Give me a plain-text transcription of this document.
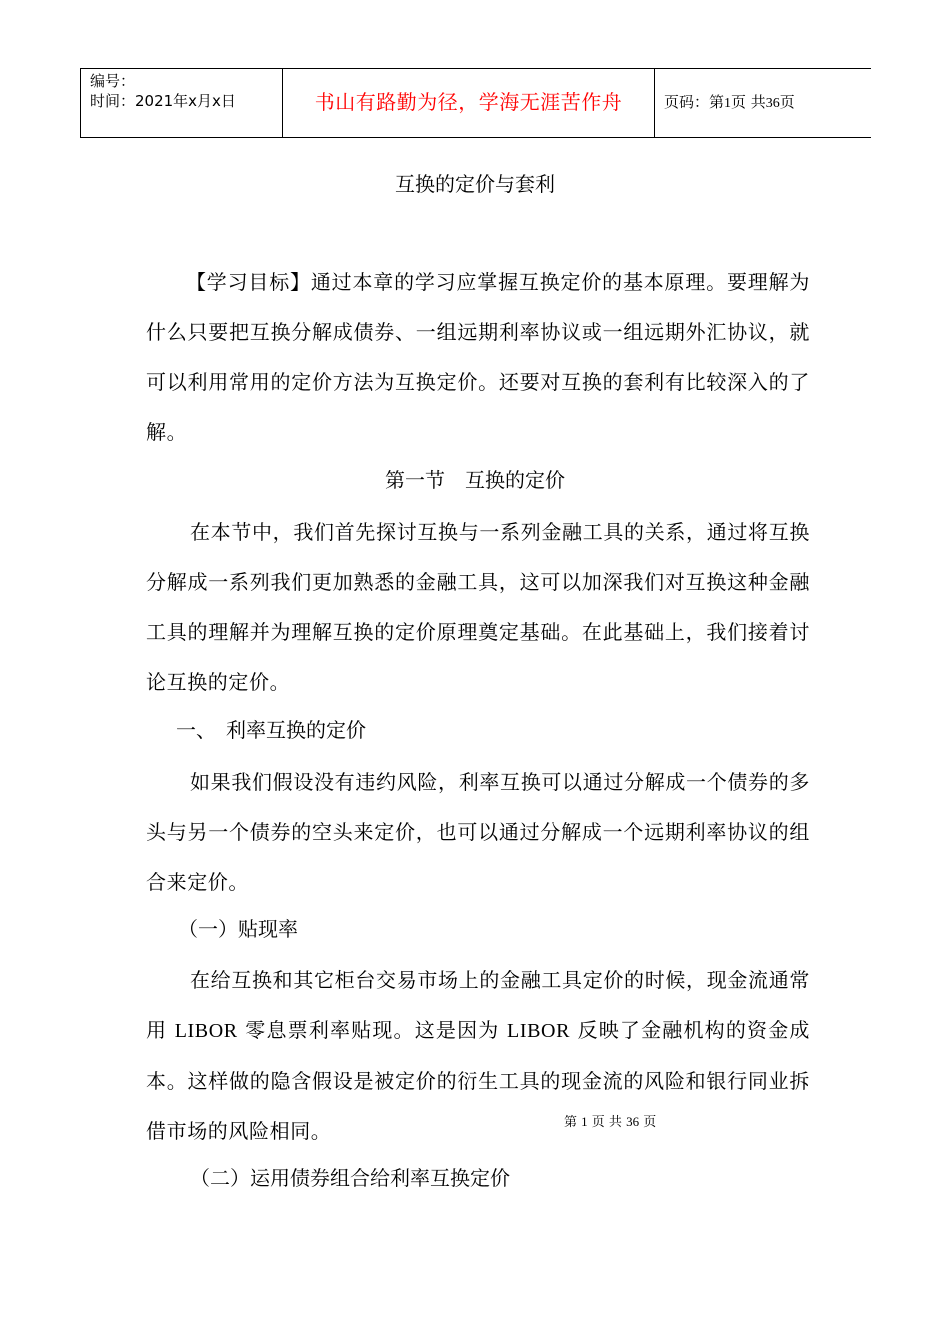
编号：
时间：2021年x月x日	书山有路勤为径，学海无涯苦作舟	页码：第1页 共36页
互换的定价与套利
【学习目标】通过本章的学习应掌握互换定价的基本原理。要理解为什么只要把互换分解成债券、一组远期利率协议或一组远期外汇协议，就可以利用常用的定价方法为互换定价。还要对互换的套利有比较深入的了解。
第一节　互换的定价
在本节中，我们首先探讨互换与一系列金融工具的关系，通过将互换分解成一系列我们更加熟悉的金融工具，这可以加深我们对互换这种金融工具的理解并为理解互换的定价原理奠定基础。在此基础上，我们接着讨论互换的定价。
一、　利率互换的定价
如果我们假设没有违约风险，利率互换可以通过分解成一个债券的多头与另一个债券的空头来定价，也可以通过分解成一个远期利率协议的组合来定价。
（一）贴现率
在给互换和其它柜台交易市场上的金融工具定价的时候，现金流通常用 LIBOR 零息票利率贴现。这是因为 LIBOR 反映了金融机构的资金成本。这样做的隐含假设是被定价的衍生工具的现金流的风险和银行同业拆借市场的风险相同。	第 1 页 共 36 页
（二）运用债券组合给利率互换定价
